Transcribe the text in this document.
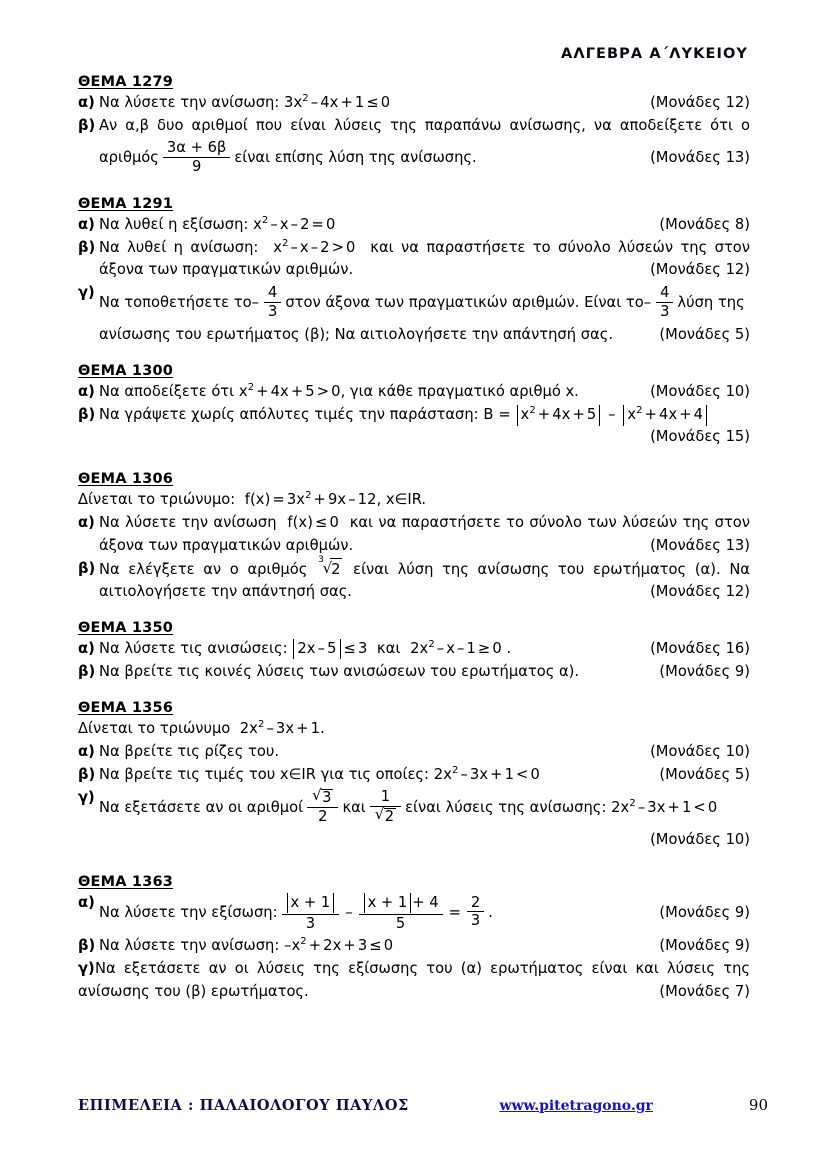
ΑΛΓΕΒΡΑ Α΄ΛΥΚΕΙΟΥ
ΘΕΜΑ 1279
α) Να λύσετε την ανίσωση: $3x^2 - 4x + 1 \le 0$	(Μονάδες 12)
β) Αν α,β δυο αριθμοί που είναι λύσεις της παραπάνω ανίσωσης, να αποδείξετε ότι ο
αριθμός $\frac{3\alpha + 6\beta}{9}$ είναι επίσης λύση της ανίσωσης.	(Μονάδες 13)
ΘΕΜΑ 1291
α) Να λυθεί η εξίσωση: $x^2 - x - 2 = 0$	(Μονάδες 8)
β) Να λυθεί η ανίσωση:  $x^2 - x - 2 > 0$  και να παραστήσετε το σύνολο λύσεών της στον
άξονα των πραγματικών αριθμών.	(Μονάδες 12)
γ)
Να τοποθετήσετε το – $\frac{4}{3}$ στον άξονα των πραγματικών αριθμών. Είναι το – $\frac{4}{3}$ λύση της
ανίσωσης του ερωτήματος (β); Να αιτιολογήσετε την απάντησή σας.	(Μονάδες 5)
ΘΕΜΑ 1300
α) Να αποδείξετε ότι $x^2 + 4x + 5 > 0$ , για κάθε πραγματικό αριθμό x.	(Μονάδες 10)
β) Να γράψετε χωρίς απόλυτες τιμές την παράσταση: $B = x^2 + 4x + 5 - x^2 + 4x + 4$
(Μονάδες 15)
ΘΕΜΑ 1306
Δίνεται το τριώνυμο:  $f(x) = 3x^2 + 9x - 12$, x∈IR.
α) Να λύσετε την ανίσωση  f(x) ≤ 0  και να παραστήσετε το σύνολο των λύσεών της στον
άξονα των πραγματικών αριθμών.	(Μονάδες 13)
β) Να ελέγξετε αν ο αριθμός
√ 3
2 είναι λύση της ανίσωσης του ερωτήματος (α). Να
αιτιολογήσετε την απάντησή σας.	(Μονάδες 12)
ΘΕΜΑ 1350
α) Να λύσετε τις ανισώσεις: 2x – 5 ≤ 3  και  $2x^2 - x - 1 \ge 0$ .	(Μονάδες 16)
β) Να βρείτε τις κοινές λύσεις των ανισώσεων του ερωτήματος α).	(Μονάδες 9)
ΘΕΜΑ 1356
Δίνεται το τριώνυμο  $2x^2 - 3x + 1$.
α) Να βρείτε τις ρίζες του.	(Μονάδες 10)
β) Να βρείτε τις τιμές του x∈IR για τις οποίες: $2x^2 - 3x + 1 < 0$	(Μονάδες 5)
γ)
Να εξετάσετε αν οι αριθμοί √ $\frac{3}{2}$ και 1
√ 2 είναι λύσεις της ανίσωσης: $2x^2 - 3x + 1 < 0$
(Μονάδες 10)
ΘΕΜΑ 1363
α)
Να λύσετε την εξίσωση: $\frac{x + 1}{3} - \frac{x + 1 + 4}{5} = \frac{2}{3}$ .	(Μονάδες 9)
β) Να λύσετε την ανίσωση: $-x^2 + 2x + 3 \le 0$	(Μονάδες 9)
γ) Να εξετάσετε αν οι λύσεις της εξίσωσης του (α) ερωτήματος είναι και λύσεις της
ανίσωσης του (β) ερωτήματος.	(Μονάδες 7)
ΕΠΙΜΕΛΕΙΑ : ΠΑΛΑΙΟΛΟΓΟΥ ΠΑΥΛΟΣ	www.pitetragono.gr	90
